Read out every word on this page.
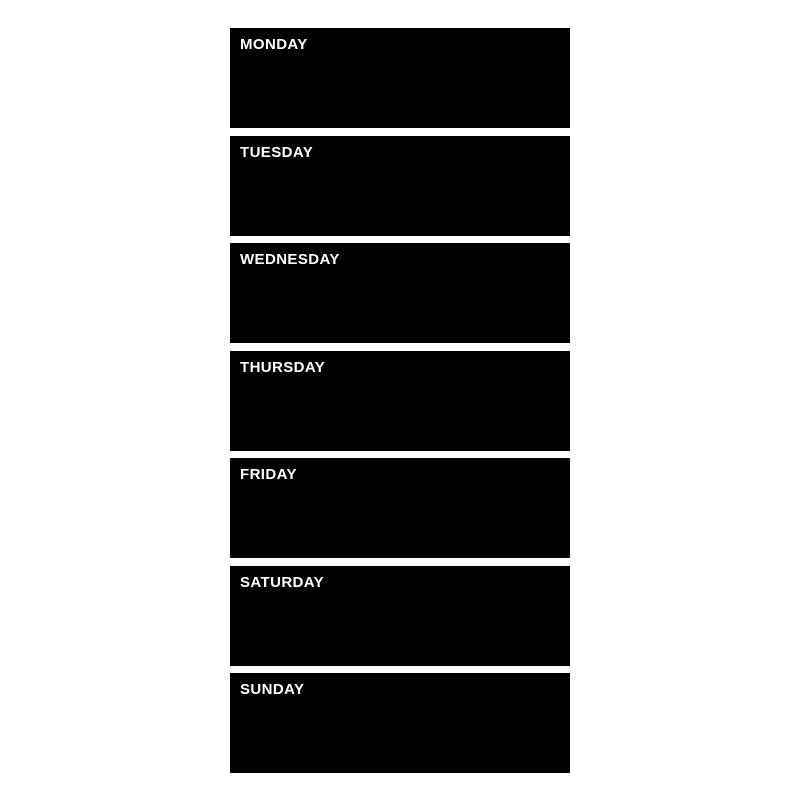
MONDAY
TUESDAY
WEDNESDAY
THURSDAY
FRIDAY
SATURDAY
SUNDAY
